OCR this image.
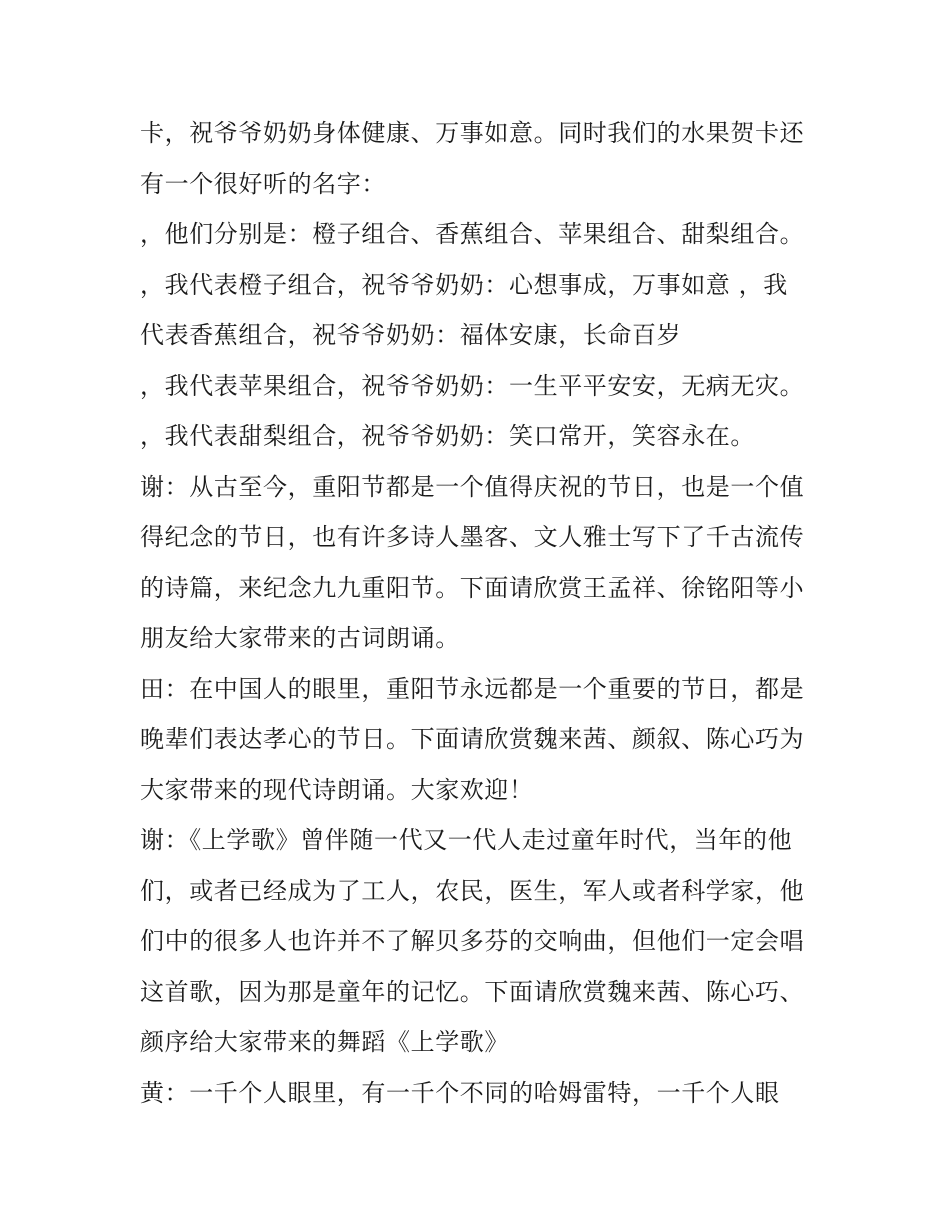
卡，祝爷爷奶奶身体健康、万事如意。同时我们的水果贺卡还
有一个很好听的名字：
，他们分别是：橙子组合、香蕉组合、苹果组合、甜梨组合。
，我代表橙子组合，祝爷爷奶奶：心想事成，万事如意 ，我
代表香蕉组合，祝爷爷奶奶：福体安康，长命百岁
，我代表苹果组合，祝爷爷奶奶：一生平平安安，无病无灾。
，我代表甜梨组合，祝爷爷奶奶：笑口常开，笑容永在。
谢：从古至今，重阳节都是一个值得庆祝的节日，也是一个值
得纪念的节日，也有许多诗人墨客、文人雅士写下了千古流传
的诗篇，来纪念九九重阳节。下面请欣赏王孟祥、徐铭阳等小
朋友给大家带来的古词朗诵。
田：在中国人的眼里，重阳节永远都是一个重要的节日，都是
晚辈们表达孝心的节日。下面请欣赏魏来茜、颜叙、陈心巧为
大家带来的现代诗朗诵。大家欢迎！
谢：《上学歌》曾伴随一代又一代人走过童年时代，当年的他
们，或者已经成为了工人，农民，医生，军人或者科学家，他
们中的很多人也许并不了解贝多芬的交响曲，但他们一定会唱
这首歌，因为那是童年的记忆。下面请欣赏魏来茜、陈心巧、
颜序给大家带来的舞蹈《上学歌》
黄：一千个人眼里，有一千个不同的哈姆雷特，一千个人眼
